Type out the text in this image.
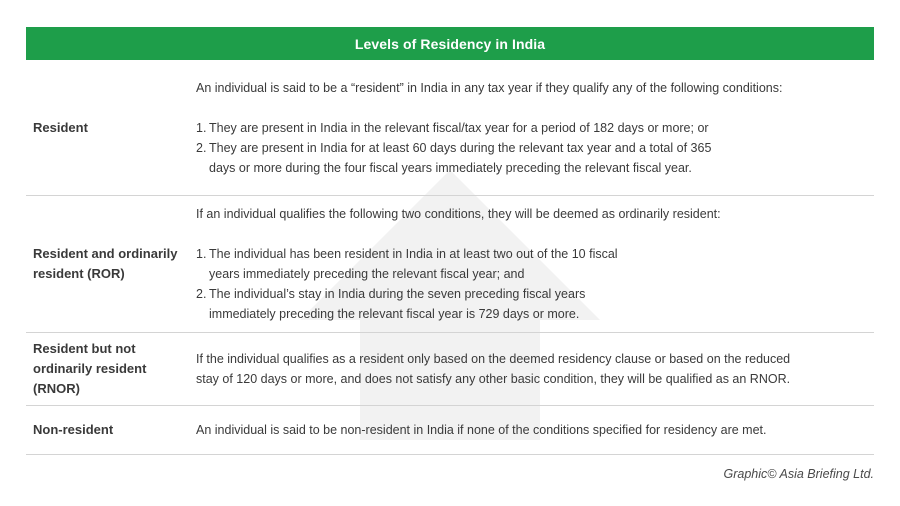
Levels of Residency in India
Resident

An individual is said to be a “resident” in India in any tax year if they qualify any of the following conditions:

1. They are present in India in the relevant fiscal/tax year for a period of 182 days or more; or
2. They are present in India for at least 60 days during the relevant tax year and a total of 365
days or more during the four fiscal years immediately preceding the relevant fiscal year.
Resident and ordinarily resident (ROR)

If an individual qualifies the following two conditions, they will be deemed as ordinarily resident:

1. The individual has been resident in India in at least two out of the 10 fiscal
years immediately preceding the relevant fiscal year; and
2. The individual’s stay in India during the seven preceding fiscal years
immediately preceding the relevant fiscal year is 729 days or more.
Resident but not ordinarily resident (RNOR)

If the individual qualifies as a resident only based on the deemed residency clause or based on the reduced
stay of 120 days or more, and does not satisfy any other basic condition, they will be qualified as an RNOR.

Non-resident	An individual is said to be non-resident in India if none of the conditions specified for residency are met.

Graphic© Asia Briefing Ltd.
